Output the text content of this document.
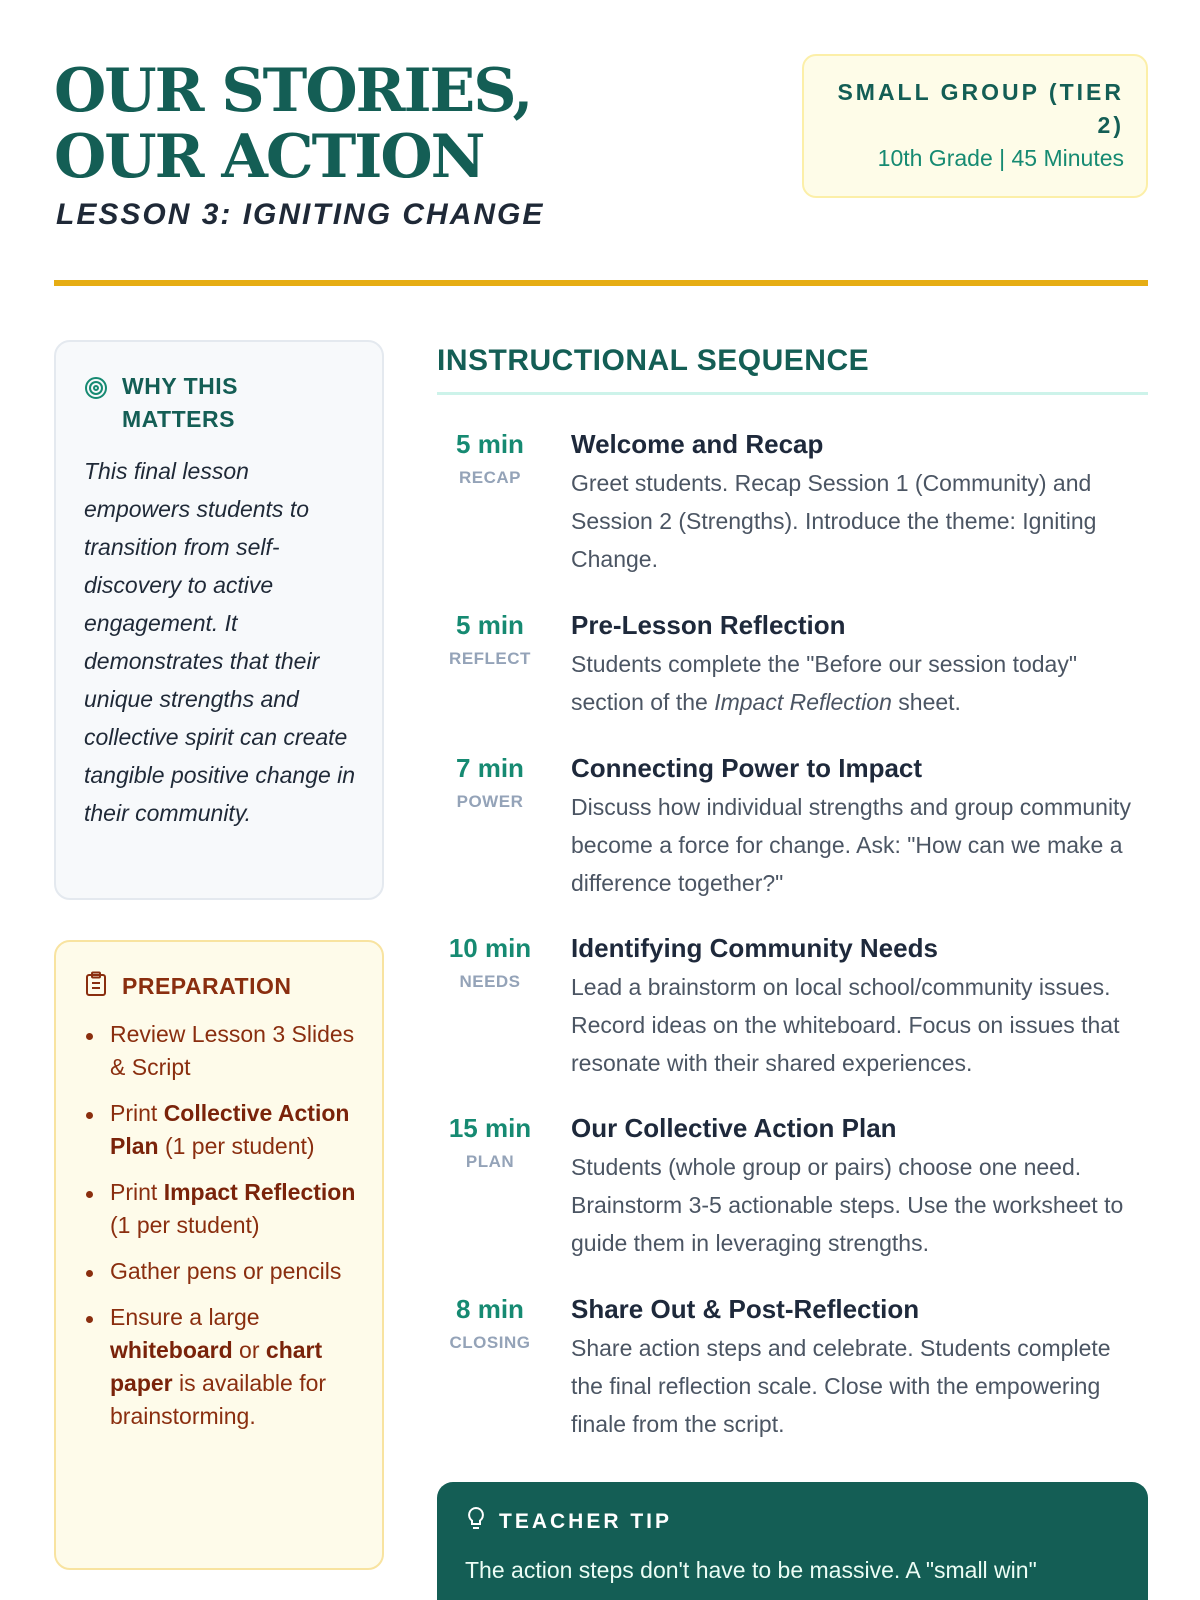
OUR STORIES, OUR ACTION
LESSON 3: IGNITING CHANGE
SMALL GROUP (TIER 2)
10th Grade | 45 Minutes
WHY THIS MATTERS
This final lesson empowers students to transition from self-discovery to active engagement. It demonstrates that their unique strengths and collective spirit can create tangible positive change in their community.
PREPARATION
Review Lesson 3 Slides & Script
Print Collective Action Plan (1 per student)
Print Impact Reflection (1 per student)
Gather pens or pencils
Ensure a large whiteboard or chart paper is available for brainstorming.
INSTRUCTIONAL SEQUENCE
5 min
RECAP
Welcome and Recap
Greet students. Recap Session 1 (Community) and Session 2 (Strengths). Introduce the theme: Igniting Change.
5 min
REFLECT
Pre-Lesson Reflection
Students complete the "Before our session today" section of the Impact Reflection sheet.
7 min
POWER
Connecting Power to Impact
Discuss how individual strengths and group community become a force for change. Ask: "How can we make a difference together?"
10 min
NEEDS
Identifying Community Needs
Lead a brainstorm on local school/community issues. Record ideas on the whiteboard. Focus on issues that resonate with their shared experiences.
15 min
PLAN
Our Collective Action Plan
Students (whole group or pairs) choose one need. Brainstorm 3-5 actionable steps. Use the worksheet to guide them in leveraging strengths.
8 min
CLOSING
Share Out & Post-Reflection
Share action steps and celebrate. Students complete the final reflection scale. Close with the empowering finale from the script.
TEACHER TIP
The action steps don't have to be massive. A "small win"
